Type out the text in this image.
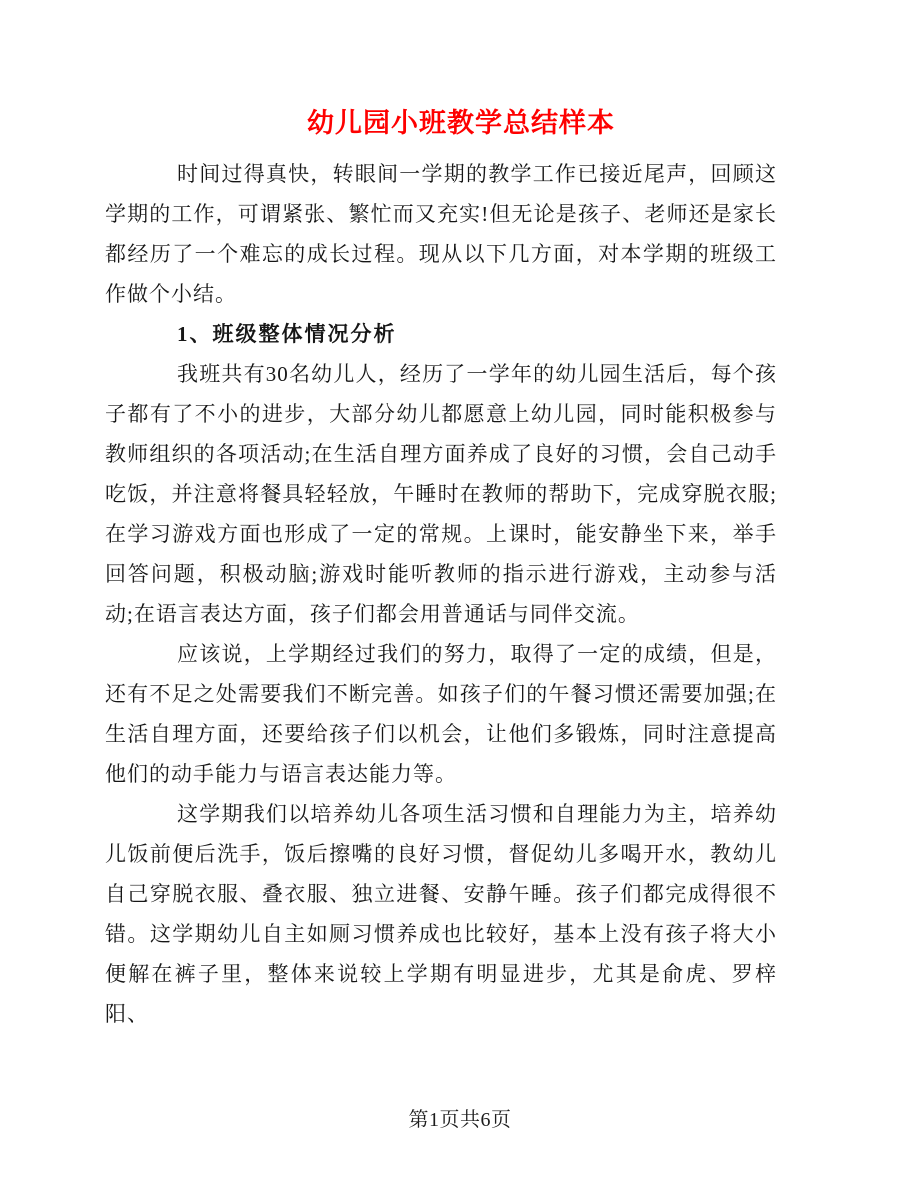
幼儿园小班教学总结样本

时间过得真快，转眼间一学期的教学工作已接近尾声，回顾这学期的工作，可谓紧张、繁忙而又充实!但无论是孩子、老师还是家长都经历了一个难忘的成长过程。现从以下几方面，对本学期的班级工作做个小结。

1、班级整体情况分析

我班共有30名幼儿人，经历了一学年的幼儿园生活后，每个孩子都有了不小的进步，大部分幼儿都愿意上幼儿园，同时能积极参与教师组织的各项活动;在生活自理方面养成了良好的习惯，会自己动手吃饭，并注意将餐具轻轻放，午睡时在教师的帮助下，完成穿脱衣服;在学习游戏方面也形成了一定的常规。上课时，能安静坐下来，举手回答问题，积极动脑;游戏时能听教师的指示进行游戏，主动参与活动;在语言表达方面，孩子们都会用普通话与同伴交流。

应该说，上学期经过我们的努力，取得了一定的成绩，但是，还有不足之处需要我们不断完善。如孩子们的午餐习惯还需要加强;在生活自理方面，还要给孩子们以机会，让他们多锻炼，同时注意提高他们的动手能力与语言表达能力等。

这学期我们以培养幼儿各项生活习惯和自理能力为主，培养幼儿饭前便后洗手，饭后擦嘴的良好习惯，督促幼儿多喝开水，教幼儿自己穿脱衣服、叠衣服、独立进餐、安静午睡。孩子们都完成得很不错。这学期幼儿自主如厕习惯养成也比较好，基本上没有孩子将大小便解在裤子里，整体来说较上学期有明显进步，尤其是俞虎、罗梓阳、

第1页共6页
